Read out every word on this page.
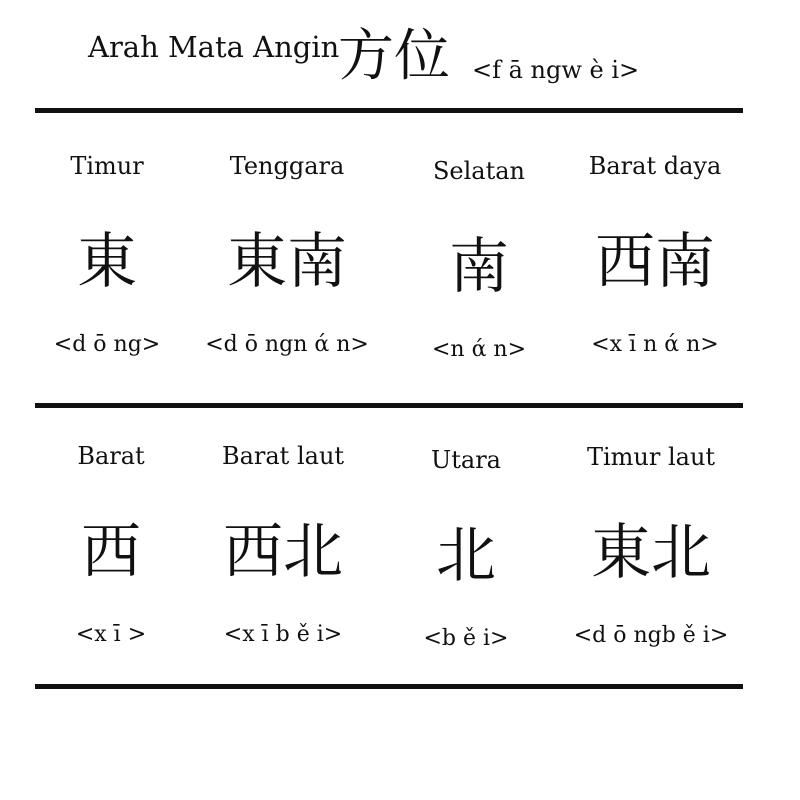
Arah Mata Angin
方位 <f ā ngw è i>
Timur
東
<d ō ng>
Tenggara
東南
<d ō ngn ά n>
Selatan
南
<n ά n>
Barat daya
西南
<x ī n ά n>
Barat
西
<x ī >
Barat laut
西北
<x ī b ě i>
Utara
北
<b ě i>
Timur laut
東北
<d ō ngb ě i>
